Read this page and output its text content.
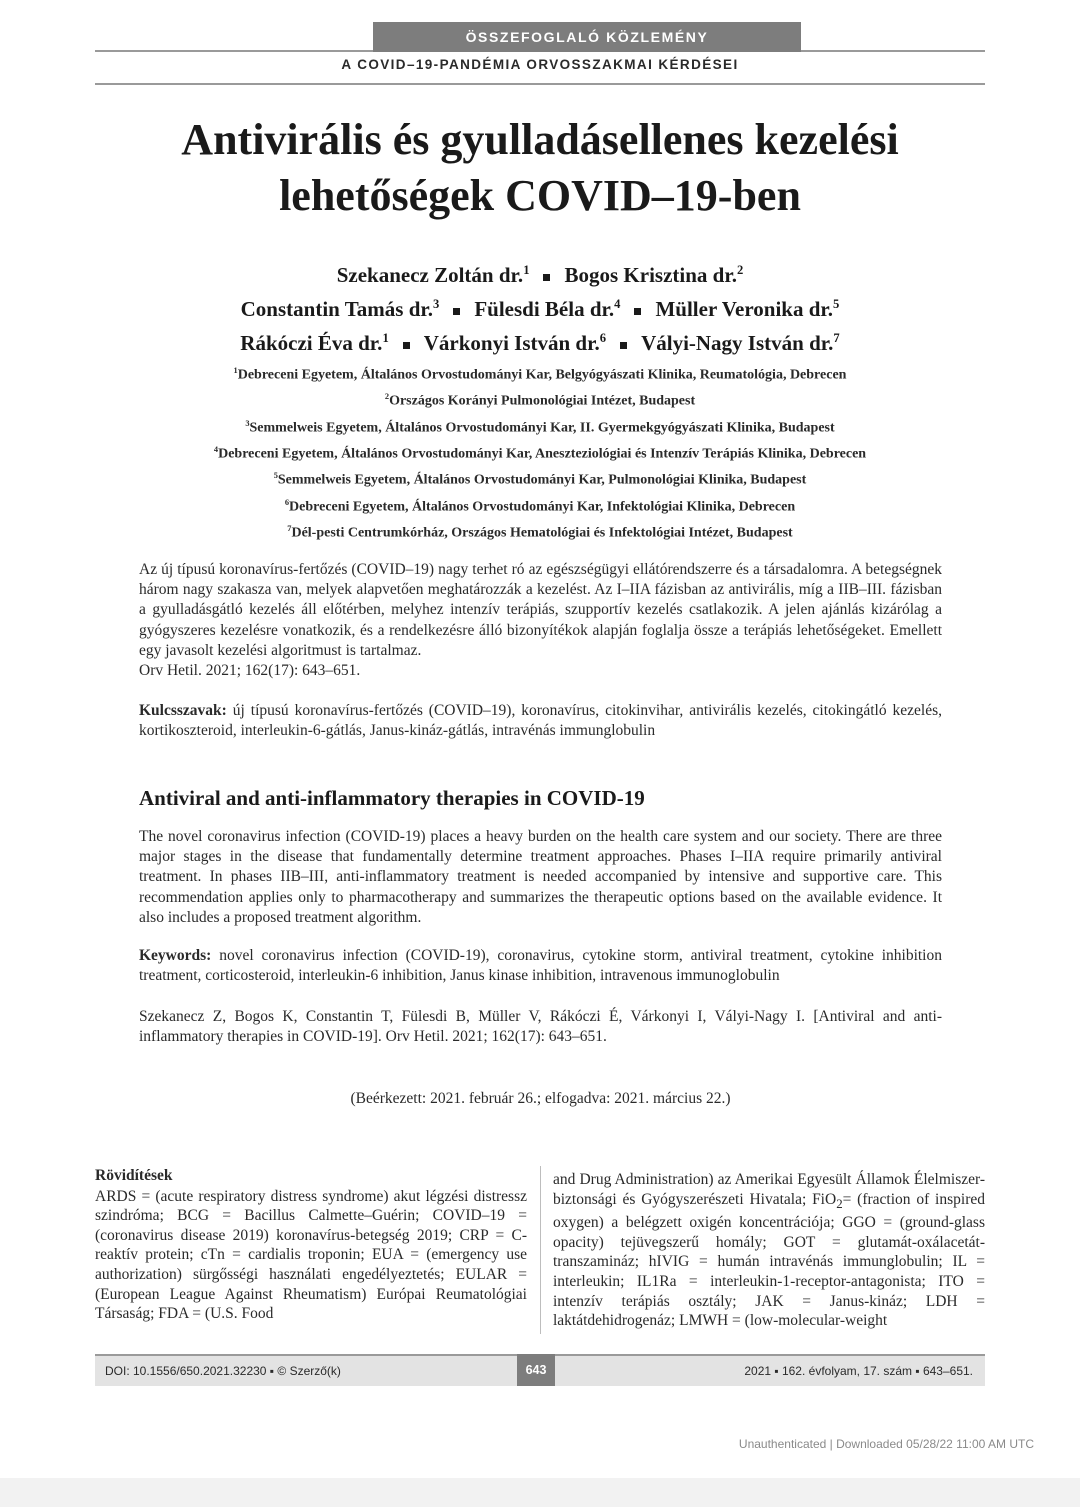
ÖSSZEFOGLALÓ KÖZLEMÉNY
A COVID–19-PANDÉMIA ORVOSSZAKMAI KÉRDÉSEI
Antivirális és gyulladásellenes kezelési
lehetőségek COVID–19-ben
Szekanecz Zoltán dr.$^1$ Bogos Krisztina dr.$^2$
Constantin Tamás dr.$^3$ Fülesdi Béla dr.$^4$ Müller Veronika dr.$^5$
Rákóczi Éva dr.$^1$ Várkonyi István dr.$^6$ Vályi-Nagy István dr.$^7$
$^1$Debreceni Egyetem, Általános Orvostudományi Kar, Belgyógyászati Klinika, Reumatológia, Debrecen
$^2$Országos Korányi Pulmonológiai Intézet, Budapest
$^3$Semmelweis Egyetem, Általános Orvostudományi Kar, II. Gyermekgyógyászati Klinika, Budapest
$^4$Debreceni Egyetem, Általános Orvostudományi Kar, Aneszteziológiai és Intenzív Terápiás Klinika, Debrecen
$^5$Semmelweis Egyetem, Általános Orvostudományi Kar, Pulmonológiai Klinika, Budapest
$^6$Debreceni Egyetem, Általános Orvostudományi Kar, Infektológiai Klinika, Debrecen
$^7$Dél-pesti Centrumkórház, Országos Hematológiai és Infektológiai Intézet, Budapest
Az új típusú koronavírus-fertőzés (COVID–19) nagy terhet ró az egészségügyi ellátórendszerre és a társadalomra. A betegségnek három nagy szakasza van, melyek alapvetően meghatározzák a kezelést. Az I–IIA fázisban az antivirális, míg a IIB–III. fázisban a gyulladásgátló kezelés áll előtérben, melyhez intenzív terápiás, szupportív kezelés csatlakozik. A jelen ajánlás kizárólag a gyógyszeres kezelésre vonatkozik, és a rendelkezésre álló bizonyítékok alapján foglalja össze a terápiás lehetőségeket. Emellett egy javasolt kezelési algoritmust is tartalmaz.
Orv Hetil. 2021; 162(17): 643–651.
Kulcsszavak: új típusú koronavírus-fertőzés (COVID–19), koronavírus, citokinvihar, antivirális kezelés, citokingátló kezelés, kortikoszteroid, interleukin-6-gátlás, Janus-kináz-gátlás, intravénás immunglobulin
Antiviral and anti-inflammatory therapies in COVID-19
The novel coronavirus infection (COVID-19) places a heavy burden on the health care system and our society. There are three major stages in the disease that fundamentally determine treatment approaches. Phases I–IIA require primarily antiviral treatment. In phases IIB–III, anti-inflammatory treatment is needed accompanied by intensive and supportive care. This recommendation applies only to pharmacotherapy and summarizes the therapeutic options based on the available evidence. It also includes a proposed treatment algorithm.
Keywords: novel coronavirus infection (COVID-19), coronavirus, cytokine storm, antiviral treatment, cytokine inhibition treatment, corticosteroid, interleukin-6 inhibition, Janus kinase inhibition, intravenous immunoglobulin
Szekanecz Z, Bogos K, Constantin T, Fülesdi B, Müller V, Rákóczi É, Várkonyi I, Vályi-Nagy I. [Antiviral and anti-inflammatory therapies in COVID-19]. Orv Hetil. 2021; 162(17): 643–651.
(Beérkezett: 2021. február 26.; elfogadva: 2021. március 22.)
Rövidítések
ARDS = (acute respiratory distress syndrome) akut légzési distressz szindróma; BCG = Bacillus Calmette–Guérin; COVID–19 = (coronavirus disease 2019) koronavírus-betegség 2019; CRP = C-reaktív protein; cTn = cardialis troponin; EUA = (emergency use authorization) sürgősségi használati engedélyeztetés; EULAR = (European League Against Rheumatism) Európai Reumatológiai Társaság; FDA = (U.S. Food
and Drug Administration) az Amerikai Egyesült Államok Élelmiszer-biztonsági és Gyógyszerészeti Hivatala; FiO$_2$= (fraction of inspired oxygen) a belégzett oxigén koncentrációja; GGO = (ground-glass opacity) tejüvegszerű homály; GOT = glutamát-oxálacetát-transzamináz; hIVIG = humán intravénás immunglobulin; IL = interleukin; IL1Ra = interleukin-1-receptor-antagonista; ITO = intenzív terápiás osztály; JAK = Janus-kináz; LDH = laktátdehidrogenáz; LMWH = (low-molecular-weight
DOI: 10.1556/650.2021.32230 ▪ © Szerző(k)	643	2021 ▪ 162. évfolyam, 17. szám ▪ 643–651.
Unauthenticated | Downloaded 05/28/22 11:00 AM UTC
